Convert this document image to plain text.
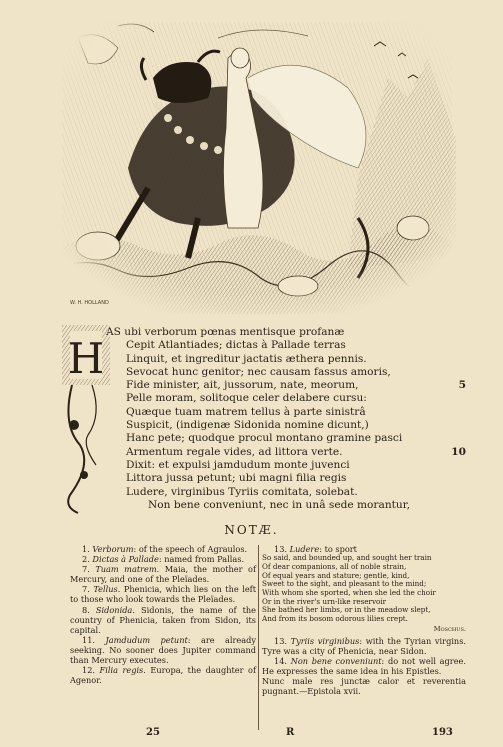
W. H. HOLLAND
H
AS ubi verborum pœnas mentisque profanæ
Cepit Atlantiades; dictas à Pallade terras
Linquit, et ingreditur jactatis æthera pennis.
Sevocat hunc genitor; nec causam fassus amoris,
Fide minister, ait, jussorum, nate, meorum,	5
Pelle moram, solitoque celer delabere cursu:
Quæque tuam matrem tellus à parte sinistrâ
Suspicit, (indigenæ Sidonida nomine dicunt,)
Hanc pete; quodque procul montano gramine pasci
Armentum regale vides, ad littora verte.	10
Dixit: et expulsi jamdudum monte juvenci
Littora jussa petunt; ubi magni filia regis
Ludere, virginibus Tyriis comitata, solebat.
Non bene conveniunt, nec in unâ sede morantur,
NOTÆ.

1. Verborum: of the speech of Agraulos.

2. Dictas à Pallade: named from Pallas.

7. Tuam matrem. Maia, the mother of Mercury, and one of the Pleïades.

7. Tellus. Phenicia, which lies on the left to those who look towards the Pleïades.

8. Sidonida. Sidonis, the name of the country of Phenicia, taken from Sidon, its capital.

11. Jamdudum petunt: are already seeking. No sooner does Jupiter command than Mercury executes.

12. Filia regis. Europa, the daughter of Agenor.

13. Ludere: to sport

So said, and bounded up, and sought her train

Of dear companions, all of noble strain,

Of equal years and stature; gentle, kind,

Sweet to the sight, and pleasant to the mind;

With whom she sported, when she led the choir

Or in the river's urn-like reservoir

She bathed her limbs, or in the meadow slept,

And from its bosom odorous lilies crept.

Moschus.

13. Tyriis virginibus: with the Tyrian virgins. Tyre was a city of Phenicia, near Sidon.

14. Non bene conveniunt: do not well agree. He expresses the same idea in his Epistles.

Nunc male res junctæ calor et reverentia pugnant.—Epistola xvii.

25	R	193
